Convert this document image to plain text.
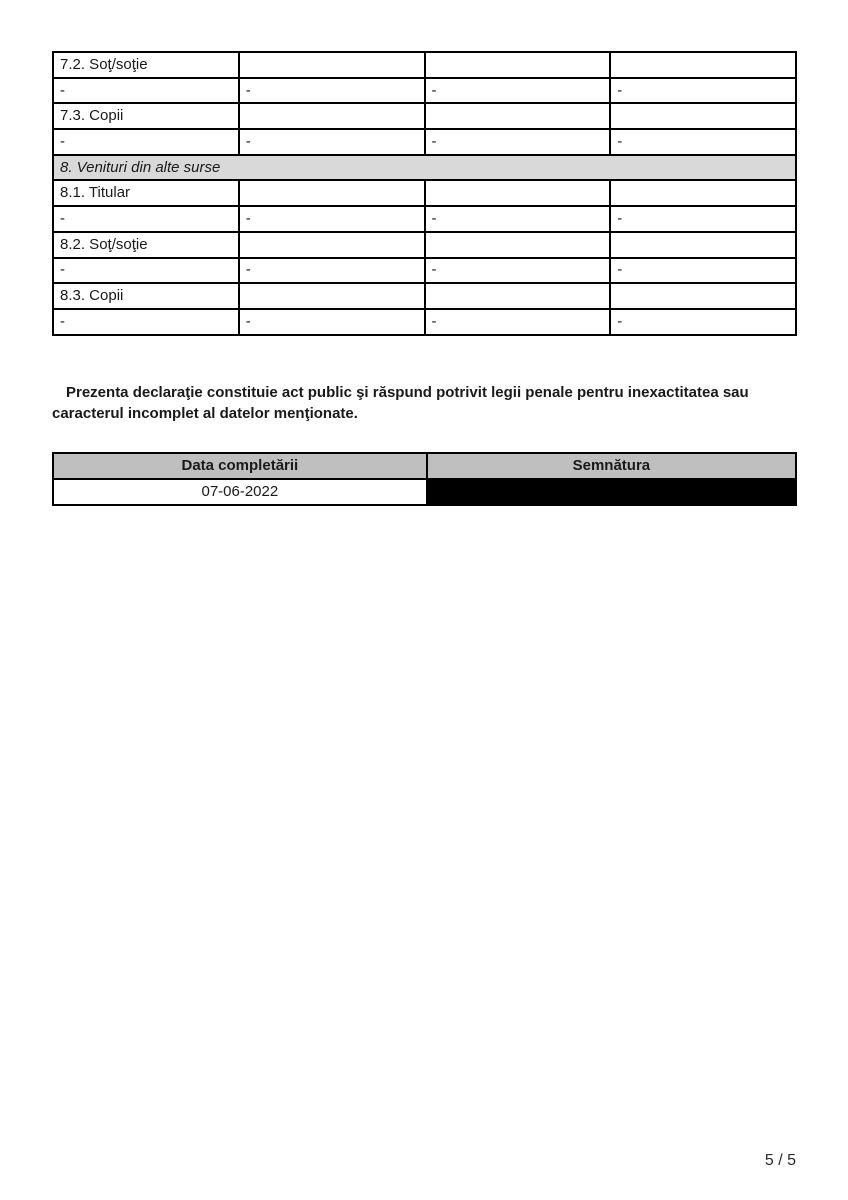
7.2. Soţ/soţie			
-	-	-	-
7.3. Copii			
-	-	-	-
8. Venituri din alte surse			
8.1. Titular			
-	-	-	-
8.2. Soţ/soţie			
-	-	-	-
8.3. Copii			
-	-	-	-

Prezenta declaraţie constituie act public şi răspund potrivit legii penale pentru inexactitatea sau caracterul incomplet al datelor menţionate.

Data completării	Semnătura
07-06-2022	
5 / 5
